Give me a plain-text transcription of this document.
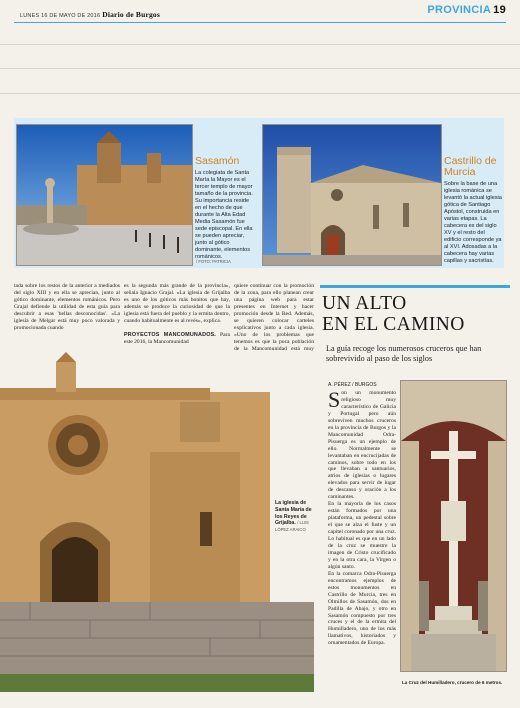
LUNES 16 DE MAYO DE 2016 Diario de Burgos	PROVINCIA 19
Sasamón
La colegiata de Santa María la Mayor es el tercer templo de mayor tamaño de la provincia. Su importancia reside en el hecho de que durante la Alta Edad Media Sasamón fue sede episcopal. En ella se pueden apreciar, junto al gótico dominante, elementos románicos.
/ FOTO: PATRICIA
Castrillo de
Murcia
Sobre la base de una iglesia románica se levantó la actual iglesia gótica de Santiago Apóstol, construida en varias etapas. La cabecera es del siglo XV y el resto del edificio corresponde ya al XVI. Adosadas a la cabecera hay varias capillas y sacristías.
tada sobre los restos de la anterior a mediados del siglo XIII y en ella se aprecian, junto al gótico dominante, elementos románicos. Pero Grajal defiende la utilidad de esta guía para descubrir a esas 'bellas desconocidas'. «La iglesia de Melgar está muy poco valorada y promocionada cuando
es la segunda más grande de la provincia», señala Ignacio Grajal. «La iglesia de Grijalba es uno de los góticos más bonitos que hay, además se produce la curiosidad de que la iglesia está fuera del pueblo y la ermita dentro, cuando habitualmente es al revés», explica.

PROYECTOS MANCOMUNADOS. Para este 2016, la Mancomunidad
quiere continuar con la promoción de la zona, para ello planean crear una página web para estar presentes en Internet y hacer promoción desde la Red. Además, se quieren colocar carteles explicativos junto a cada iglesia. «Uno de los problemas que tenemos es que la poca población de la Mancomunidad está muy
UN ALTO
EN EL CAMINO
La guía recoge los numerosos cruceros que han sobrevivido al paso de los siglos
La iglesia de Santa María de los Reyes de Grijalba. / LUIS LÓPEZ ARAICO
A. PÉREZ / BURGOS
Son un monumento religioso muy característico de Galicia y Portugal pero aún sobreviven muchos cruceros en la provincia de Burgos y la Mancomunidad Odra-Pisuerga es un ejemplo de ello. Normalmente se levantaban en encrucijadas de caminos, sobre todo en los que llevaban a santuarios, atrios de iglesias o lugares elevados para servir de lugar de descanso y oración a los caminantes.
En la mayoría de los casos están formados por una plataforma, un pedestal sobre el que se alza el fuste y un capitel coronado por una cruz. Lo habitual es que en un lado de la cruz se muestre la imagen de Cristo crucificado y en la otra cara, la Virgen o algún santo.
En la comarca Odra-Pisuerga encontramos ejemplos de estos monumentos en Castrillo de Murcia, tres en Olmillos de Sasamón, dos en Padilla de Abajo, y otro en Sasamón compuesto por tres cruces y el de la ermita del Humilladero, uno de los más llamativos, historiados y ornamentados de Europa.
La Cruz del Humilladero, crucero de 6 metros.
